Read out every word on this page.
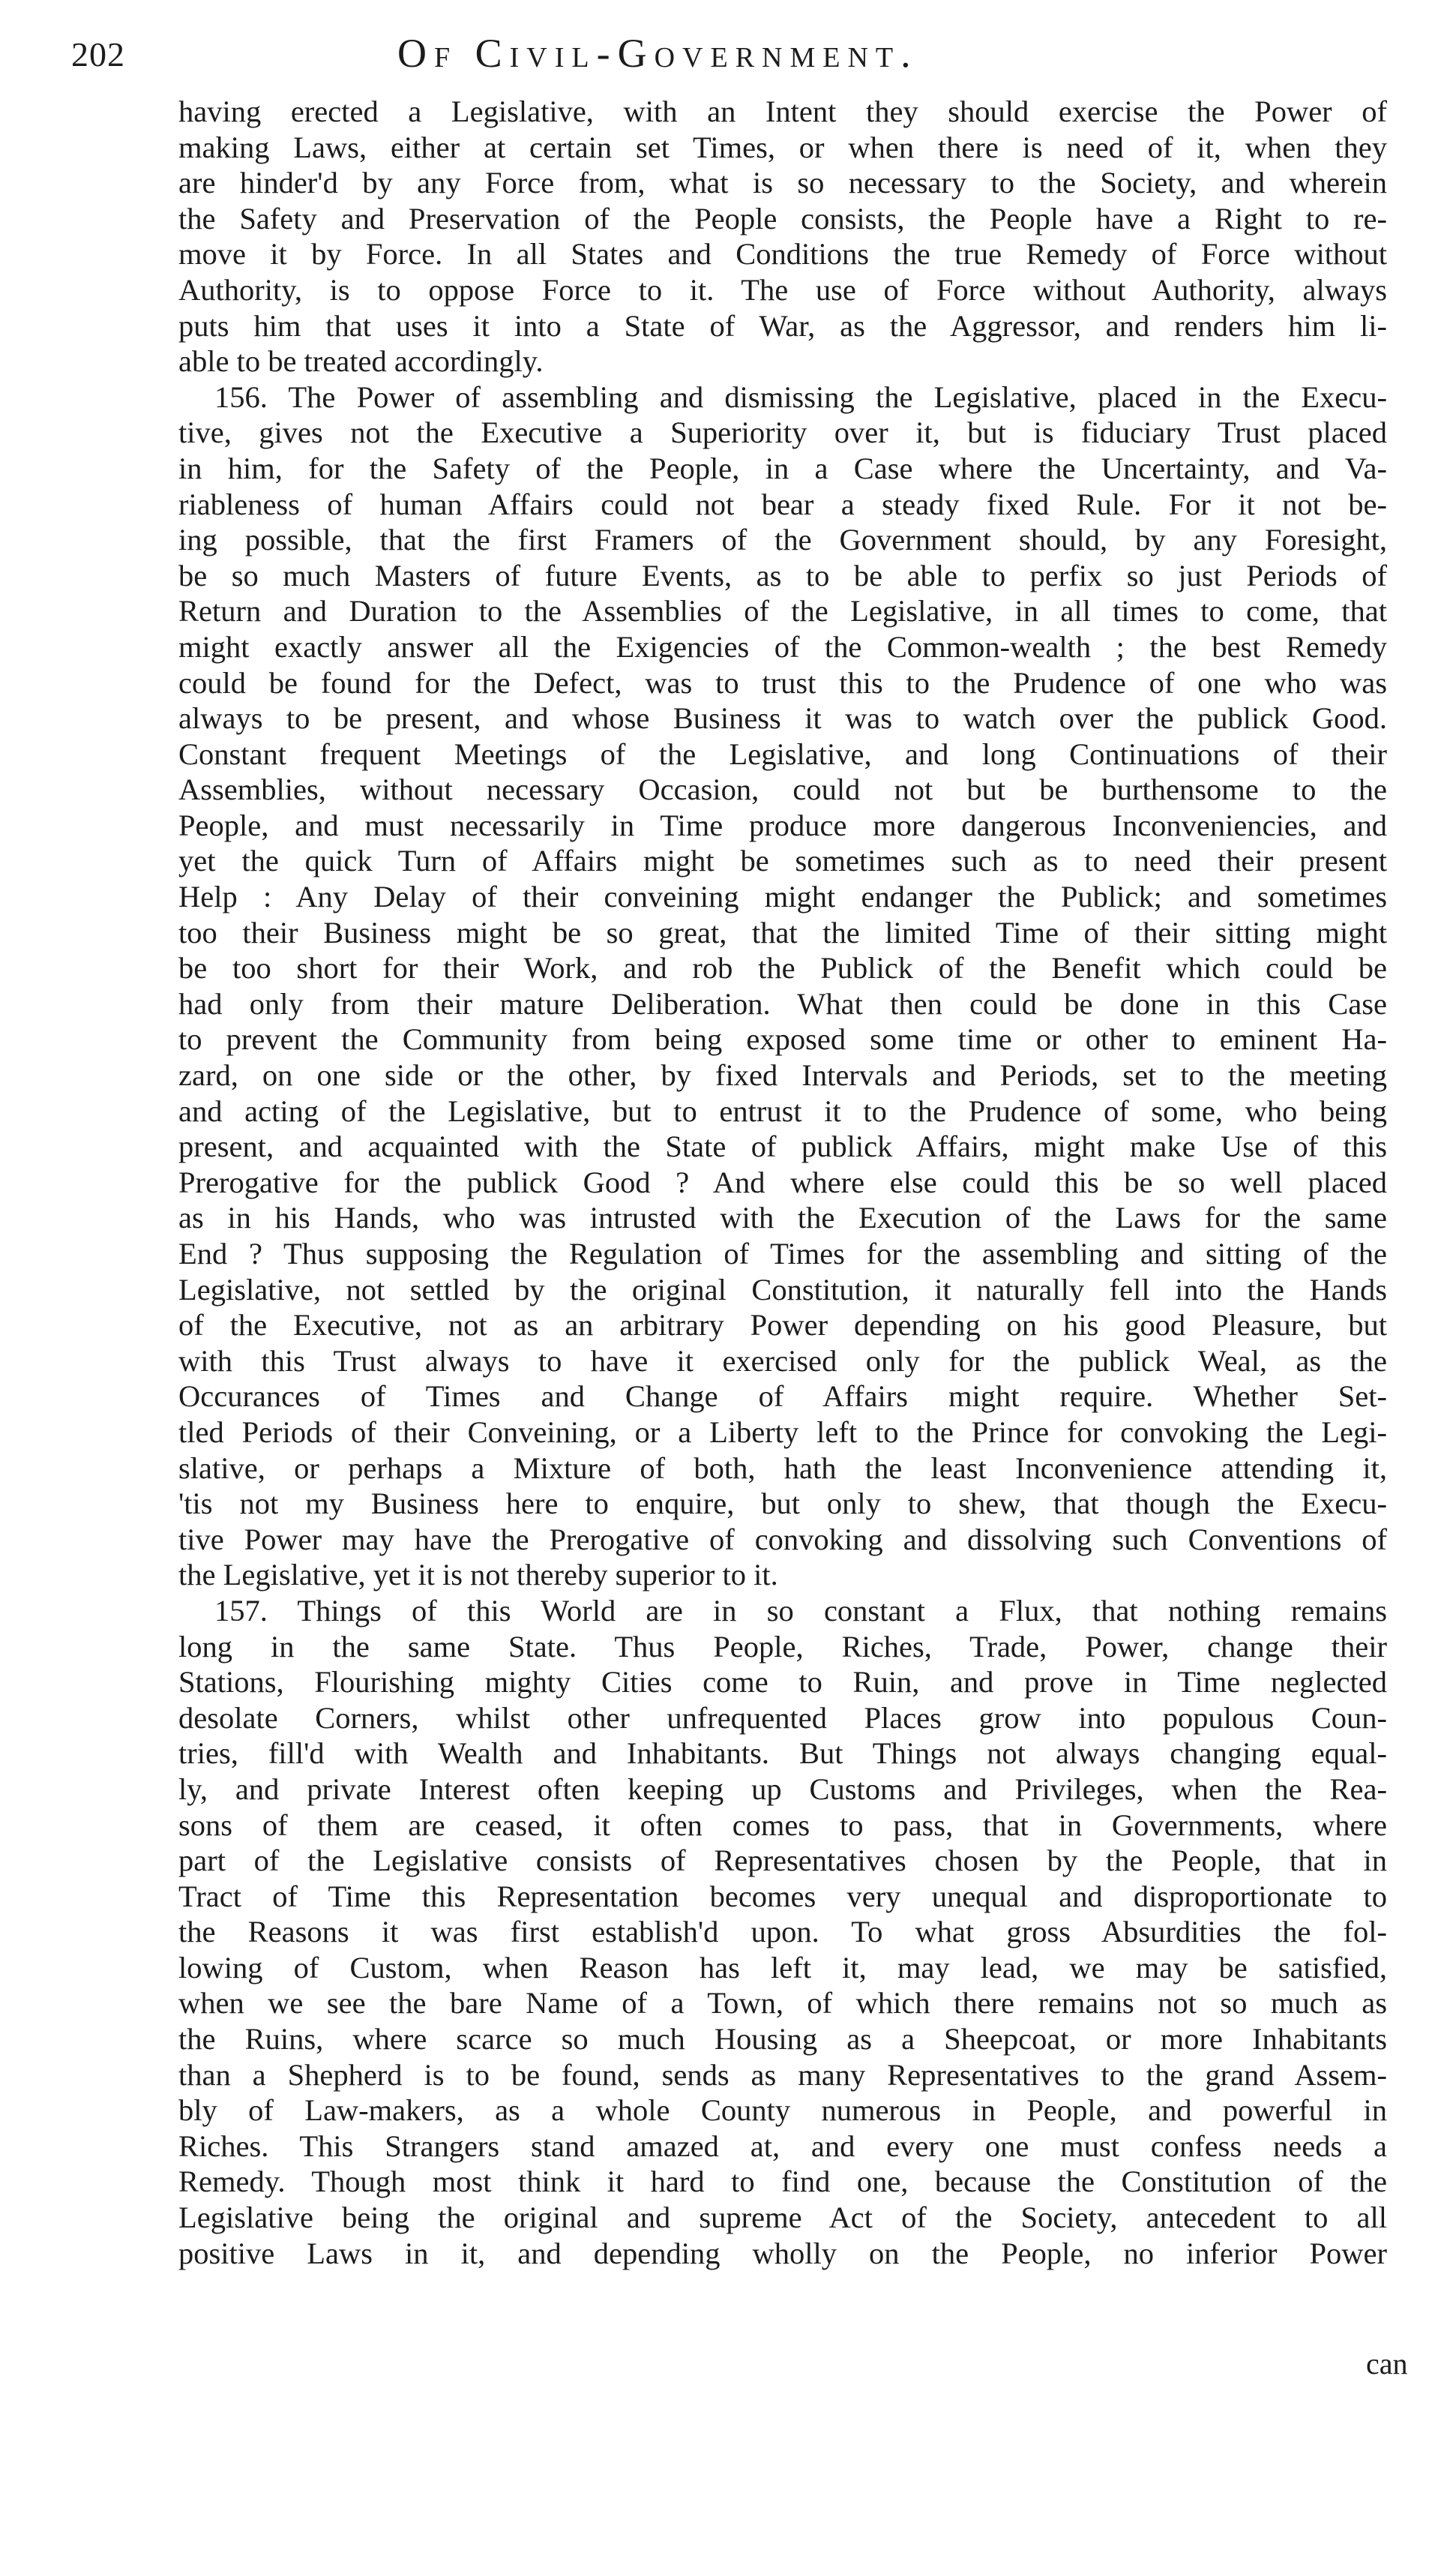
202	Of Civil-Government.
having erected a Legislative, with an Intent they should exercise the Power of
making Laws, either at certain set Times, or when there is need of it, when they
are hinder'd by any Force from, what is so necessary to the Society, and wherein
the Safety and Preservation of the People consists, the People have a Right to re-
move it by Force. In all States and Conditions the true Remedy of Force without
Authority, is to oppose Force to it. The use of Force without Authority, always
puts him that uses it into a State of War, as the Aggressor, and renders him li-
able to be treated accordingly.
156. The Power of assembling and dismissing the Legislative, placed in the Execu-
tive, gives not the Executive a Superiority over it, but is fiduciary Trust placed
in him, for the Safety of the People, in a Case where the Uncertainty, and Va-
riableness of human Affairs could not bear a steady fixed Rule. For it not be-
ing possible, that the first Framers of the Government should, by any Foresight,
be so much Masters of future Events, as to be able to perfix so just Periods of
Return and Duration to the Assemblies of the Legislative, in all times to come, that
might exactly answer all the Exigencies of the Common-wealth ; the best Remedy
could be found for the Defect, was to trust this to the Prudence of one who was
always to be present, and whose Business it was to watch over the publick Good.
Constant frequent Meetings of the Legislative, and long Continuations of their
Assemblies, without necessary Occasion, could not but be burthensome to the
People, and must necessarily in Time produce more dangerous Inconveniencies, and
yet the quick Turn of Affairs might be sometimes such as to need their present
Help : Any Delay of their conveining might endanger the Publick; and sometimes
too their Business might be so great, that the limited Time of their sitting might
be too short for their Work, and rob the Publick of the Benefit which could be
had only from their mature Deliberation. What then could be done in this Case
to prevent the Community from being exposed some time or other to eminent Ha-
zard, on one side or the other, by fixed Intervals and Periods, set to the meeting
and acting of the Legislative, but to entrust it to the Prudence of some, who being
present, and acquainted with the State of publick Affairs, might make Use of this
Prerogative for the publick Good ? And where else could this be so well placed
as in his Hands, who was intrusted with the Execution of the Laws for the same
End ? Thus supposing the Regulation of Times for the assembling and sitting of the
Legislative, not settled by the original Constitution, it naturally fell into the Hands
of the Executive, not as an arbitrary Power depending on his good Pleasure, but
with this Trust always to have it exercised only for the publick Weal, as the
Occurances of Times and Change of Affairs might require. Whether Set-
tled Periods of their Conveining, or a Liberty left to the Prince for convoking the Legi-
slative, or perhaps a Mixture of both, hath the least Inconvenience attending it,
'tis not my Business here to enquire, but only to shew, that though the Execu-
tive Power may have the Prerogative of convoking and dissolving such Conventions of
the Legislative, yet it is not thereby superior to it.
157. Things of this World are in so constant a Flux, that nothing remains
long in the same State. Thus People, Riches, Trade, Power, change their
Stations, Flourishing mighty Cities come to Ruin, and prove in Time neglected
desolate Corners, whilst other unfrequented Places grow into populous Coun-
tries, fill'd with Wealth and Inhabitants. But Things not always changing equal-
ly, and private Interest often keeping up Customs and Privileges, when the Rea-
sons of them are ceased, it often comes to pass, that in Governments, where
part of the Legislative consists of Representatives chosen by the People, that in
Tract of Time this Representation becomes very unequal and disproportionate to
the Reasons it was first establish'd upon. To what gross Absurdities the fol-
lowing of Custom, when Reason has left it, may lead, we may be satisfied,
when we see the bare Name of a Town, of which there remains not so much as
the Ruins, where scarce so much Housing as a Sheepcoat, or more Inhabitants
than a Shepherd is to be found, sends as many Representatives to the grand Assem-
bly of Law-makers, as a whole County numerous in People, and powerful in
Riches. This Strangers stand amazed at, and every one must confess needs a
Remedy. Though most think it hard to find one, because the Constitution of the
Legislative being the original and supreme Act of the Society, antecedent to all
positive Laws in it, and depending wholly on the People, no inferior Power
can
